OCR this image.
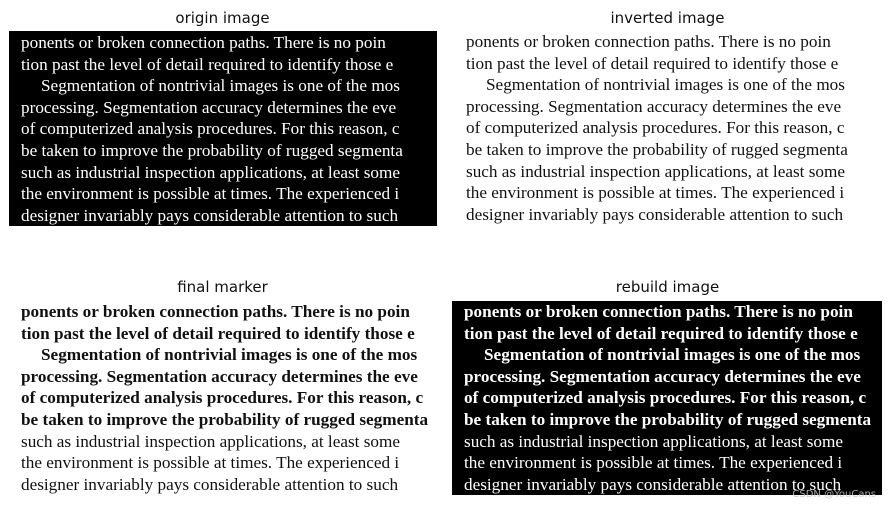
origin image
ponents or broken connection paths. There is no poin
tion past the level of detail required to identify those e
Segmentation of nontrivial images is one of the mos
processing. Segmentation accuracy determines the eve
of computerized analysis procedures. For this reason, c
be taken to improve the probability of rugged segmenta
such as industrial inspection applications, at least some
the environment is possible at times. The experienced i
designer invariably pays considerable attention to such
inverted image
ponents or broken connection paths. There is no poin
tion past the level of detail required to identify those e
Segmentation of nontrivial images is one of the mos
processing. Segmentation accuracy determines the eve
of computerized analysis procedures. For this reason, c
be taken to improve the probability of rugged segmenta
such as industrial inspection applications, at least some
the environment is possible at times. The experienced i
designer invariably pays considerable attention to such
final marker
ponents or broken connection paths. There is no poin
tion past the level of detail required to identify those e
Segmentation of nontrivial images is one of the mos
processing. Segmentation accuracy determines the eve
of computerized analysis procedures. For this reason, c
be taken to improve the probability of rugged segmenta
such as industrial inspection applications, at least some
the environment is possible at times. The experienced i
designer invariably pays considerable attention to such
rebuild image
ponents or broken connection paths. There is no poin
tion past the level of detail required to identify those e
Segmentation of nontrivial images is one of the mos
processing. Segmentation accuracy determines the eve
of computerized analysis procedures. For this reason, c
be taken to improve the probability of rugged segmenta
such as industrial inspection applications, at least some
the environment is possible at times. The experienced i
designer invariably pays considerable attention to such
CSDN @YouCans
